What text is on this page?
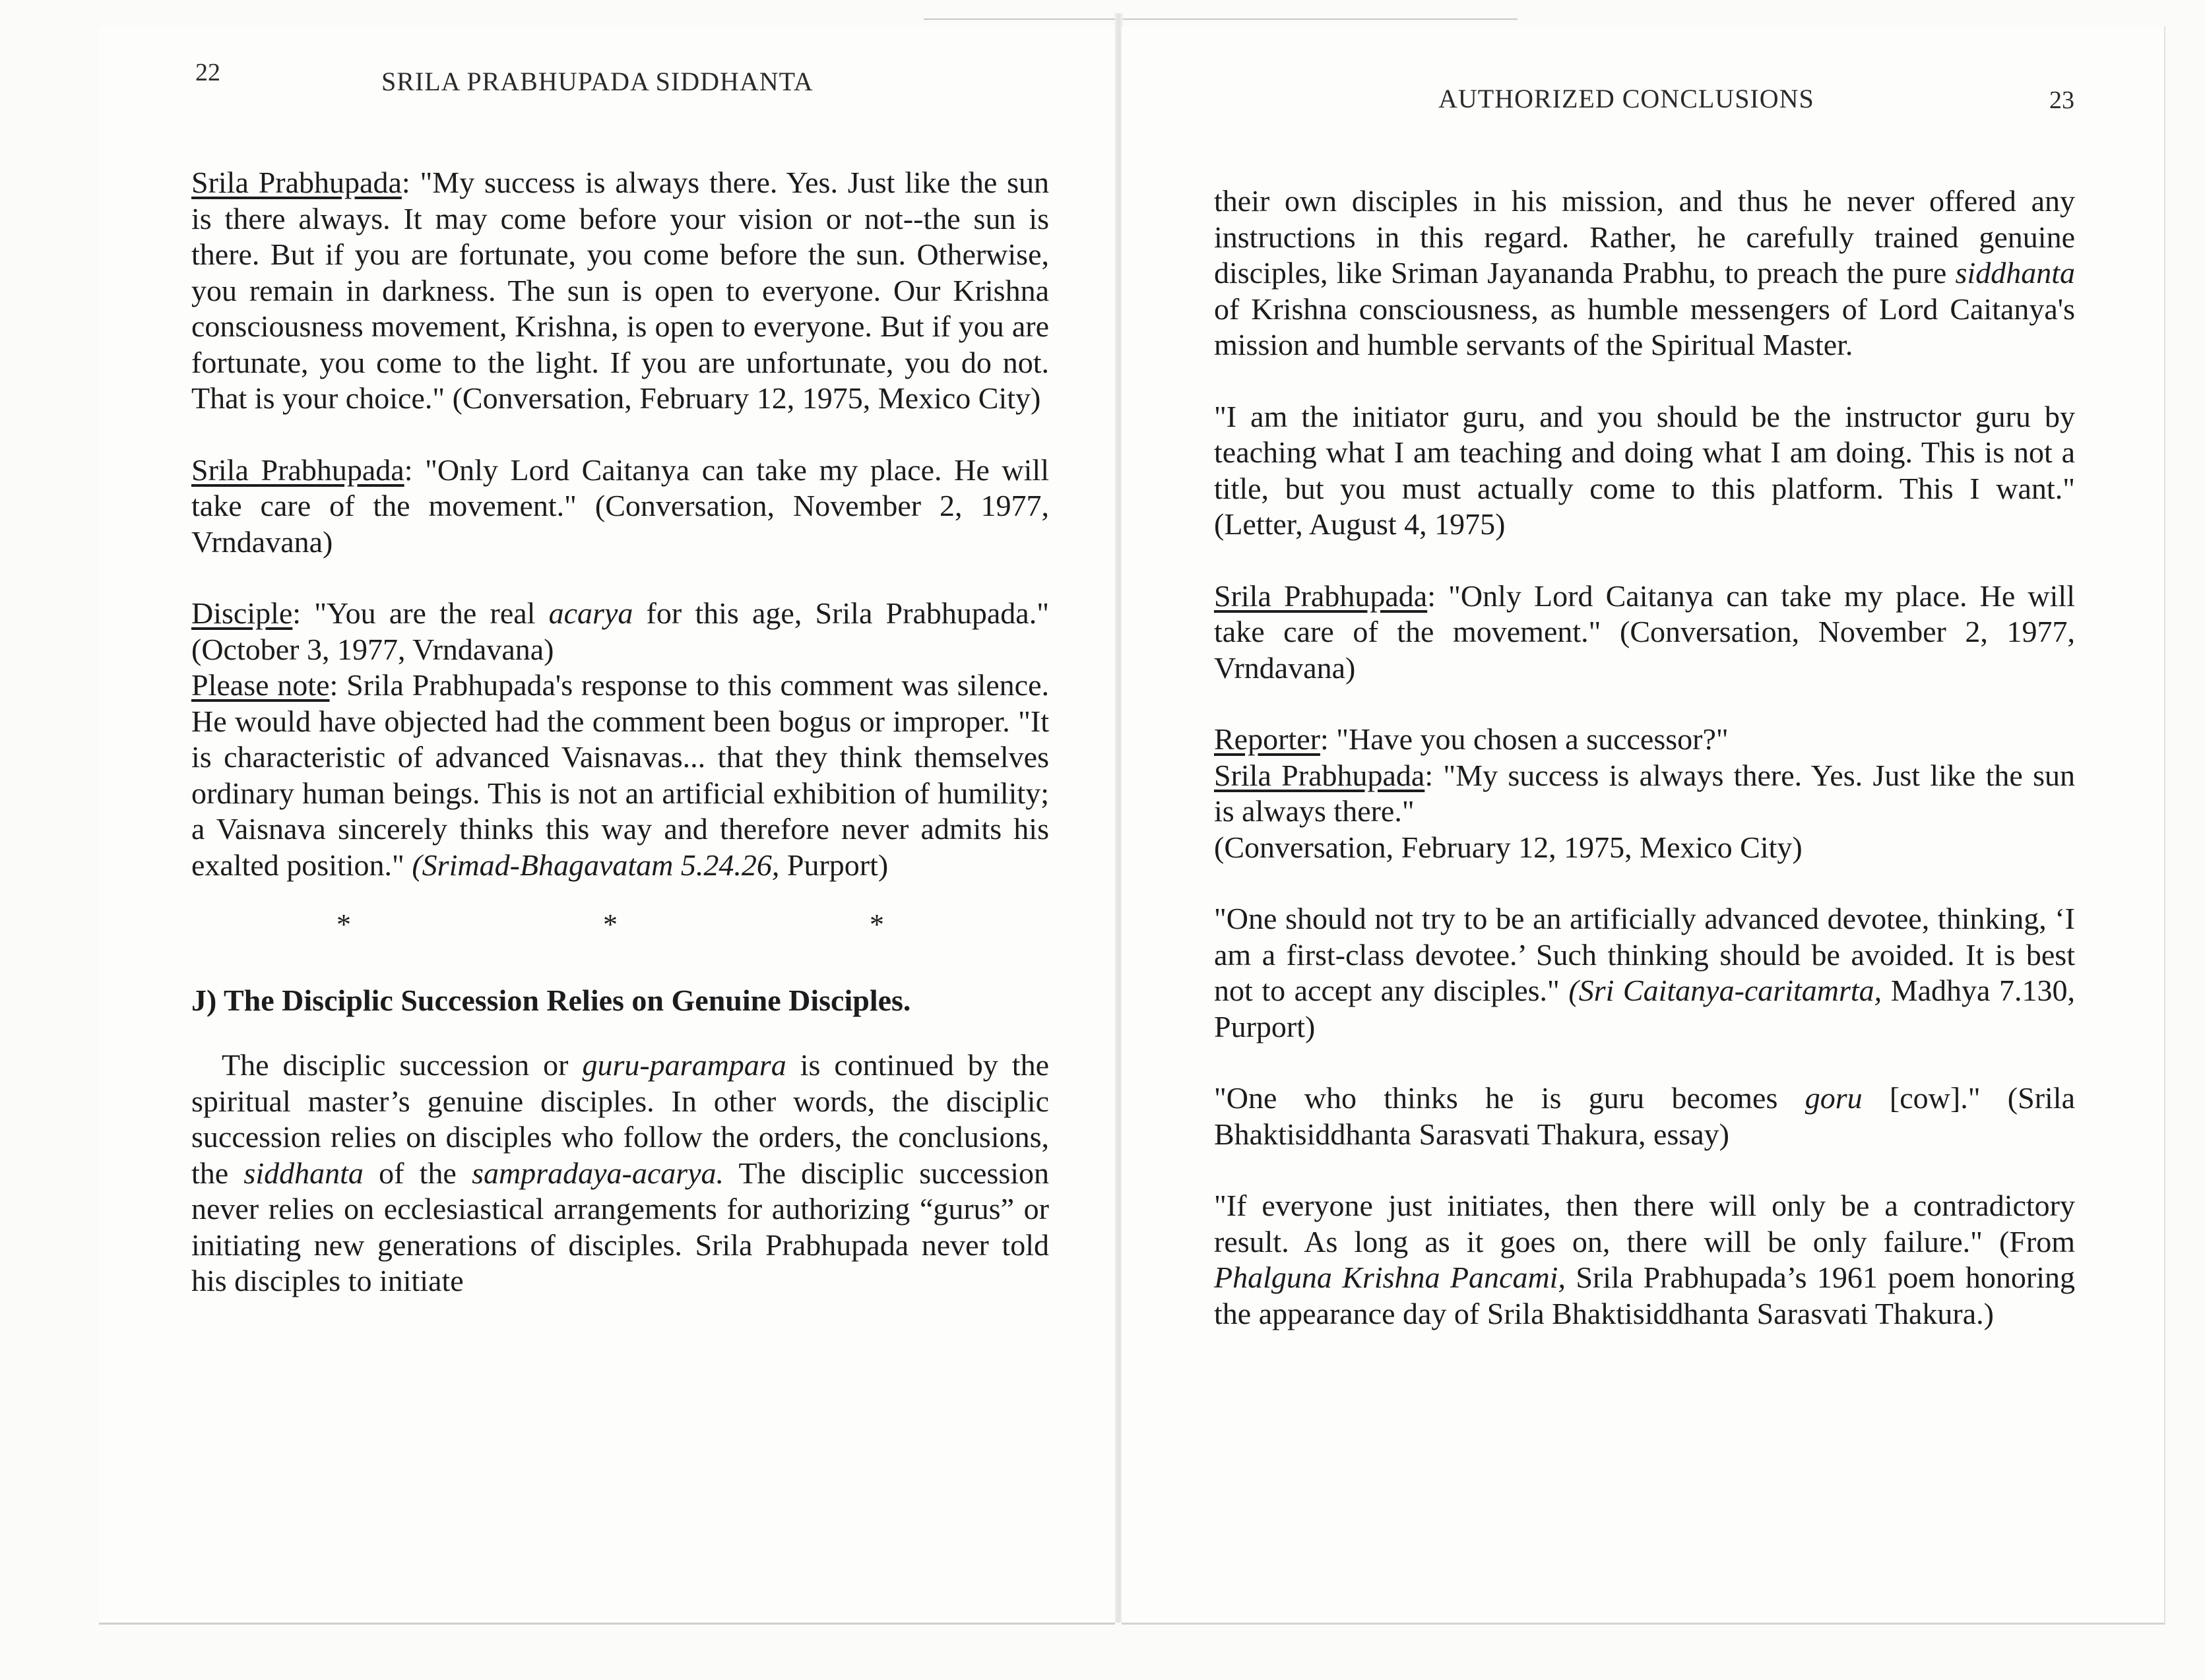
22	SRILA PRABHUPADA SIDDHANTA

Srila Prabhupada: "My success is always there. Yes. Just like the sun is there always. It may come before your vision or not--the sun is there. But if you are fortunate, you come before the sun. Otherwise, you remain in darkness. The sun is open to everyone. Our Krishna consciousness movement, Krishna, is open to everyone. But if you are fortunate, you come to the light. If you are unfortunate, you do not. That is your choice." (Conversation, February 12, 1975, Mexico City)

Srila Prabhupada: "Only Lord Caitanya can take my place. He will take care of the movement." (Conversation, November 2, 1977, Vrndavana)

Disciple: "You are the real acarya for this age, Srila Prabhupada." (October 3, 1977, Vrndavana)

Please note: Srila Prabhupada's response to this comment was silence. He would have objected had the comment been bogus or improper. "It is characteristic of advanced Vaisnavas... that they think themselves ordinary human beings. This is not an artificial exhibition of humility; a Vaisnava sincerely thinks this way and therefore never admits his exalted position." (Srimad-Bhagavatam 5.24.26, Purport)

*	*	*

J) The Disciplic Succession Relies on Genuine Disciples.

The disciplic succession or guru-parampara is continued by the spiritual master’s genuine disciples. In other words, the disciplic succession relies on disciples who follow the orders, the conclusions, the siddhanta of the sampradaya-acarya. The disciplic succession never relies on ecclesiastical arrangements for authorizing “gurus” or initiating new generations of disciples. Srila Prabhupada never told his disciples to initiate

AUTHORIZED CONCLUSIONS	23

their own disciples in his mission, and thus he never offered any instructions in this regard. Rather, he carefully trained genuine disciples, like Sriman Jayananda Prabhu, to preach the pure siddhanta of Krishna consciousness, as humble messengers of Lord Caitanya's mission and humble servants of the Spiritual Master.

"I am the initiator guru, and you should be the instructor guru by teaching what I am teaching and doing what I am doing. This is not a title, but you must actually come to this platform. This I want." (Letter, August 4, 1975)

Srila Prabhupada: "Only Lord Caitanya can take my place. He will take care of the movement." (Conversation, November 2, 1977, Vrndavana)

Reporter: "Have you chosen a successor?"
Srila Prabhupada: "My success is always there. Yes. Just like the sun is always there."
(Conversation, February 12, 1975, Mexico City)

"One should not try to be an artificially advanced devotee, thinking, ‘I am a first-class devotee.’ Such thinking should be avoided. It is best not to accept any disciples." (Sri Caitanya-caritamrta, Madhya 7.130, Purport)

"One who thinks he is guru becomes goru [cow]." (Srila Bhaktisiddhanta Sarasvati Thakura, essay)

"If everyone just initiates, then there will only be a contradictory result. As long as it goes on, there will be only failure." (From Phalguna Krishna Pancami, Srila Prabhupada’s 1961 poem honoring the appearance day of Srila Bhaktisiddhanta Sarasvati Thakura.)
